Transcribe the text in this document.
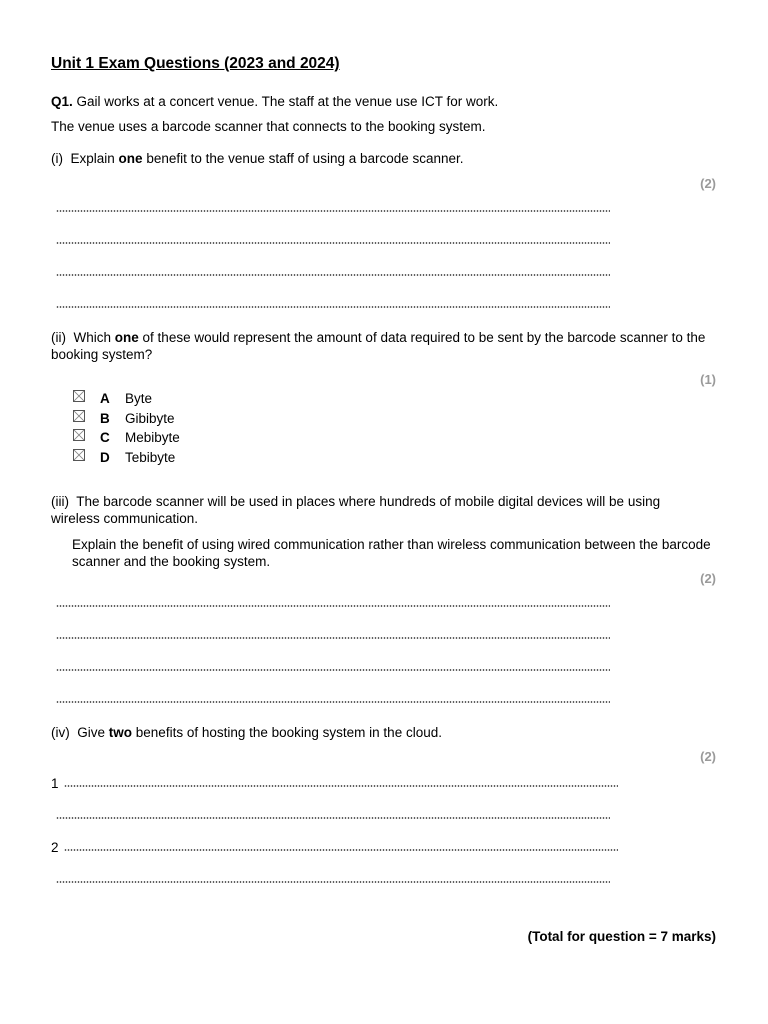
Unit 1 Exam Questions (2023 and 2024)
Q1. Gail works at a concert venue. The staff at the venue use ICT for work.
The venue uses a barcode scanner that connects to the booking system.
(i) Explain one benefit to the venue staff of using a barcode scanner.
(2)
(ii) Which one of these would represent the amount of data required to be sent by the barcode scanner to the booking system?
(1)
A Byte
B Gibibyte
C Mebibyte
D Tebibyte
(iii) The barcode scanner will be used in places where hundreds of mobile digital devices will be using wireless communication.
Explain the benefit of using wired communication rather than wireless communication between the barcode scanner and the booking system.
(2)
(iv) Give two benefits of hosting the booking system in the cloud.
(2)
1
2
(Total for question = 7 marks)
